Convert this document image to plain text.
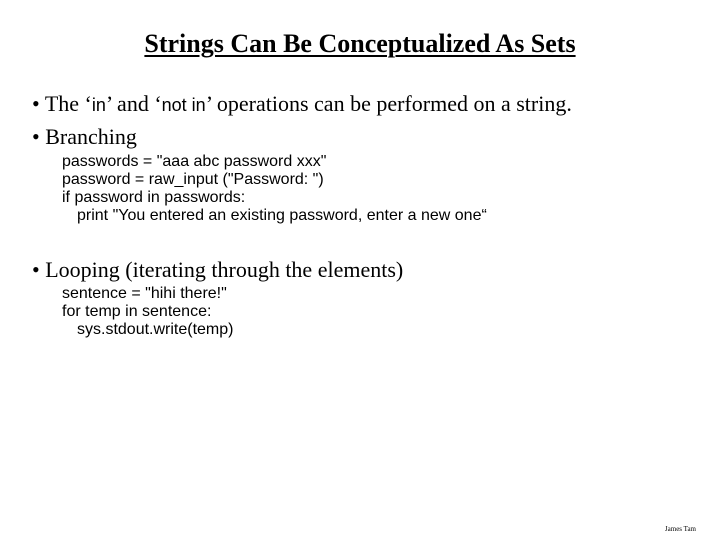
Strings Can Be Conceptualized As Sets
• The ‘in’ and ‘not in’ operations can be performed on a string.
• Branching
passwords = "aaa abc password xxx"
password = raw_input ("Password: ")
if password in passwords:
print "You entered an existing password, enter a new one“
• Looping (iterating through the elements)
sentence = "hihi there!"
for temp in sentence:
sys.stdout.write(temp)
James Tam
